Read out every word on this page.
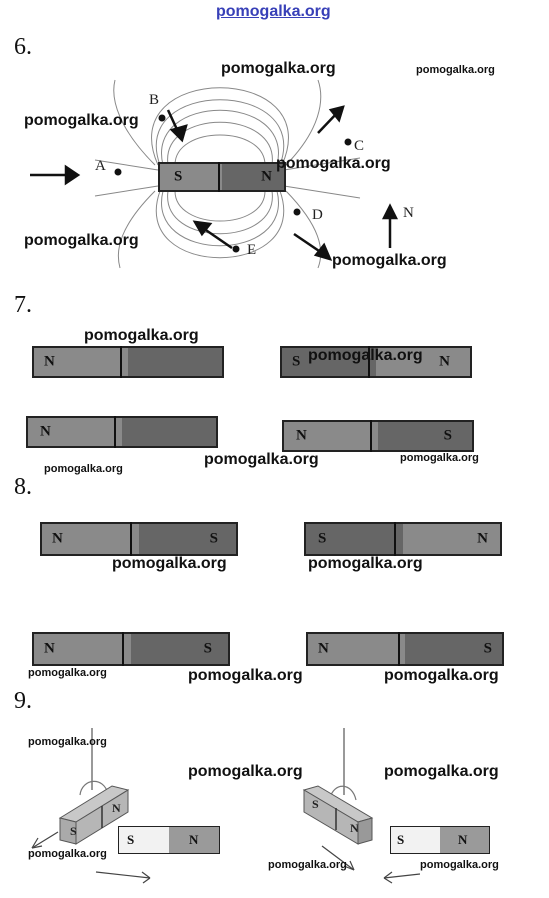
pomogalka.org
6.
A
B
C
D
E
N
S	N
pomogalka.org	pomogalka.org
pomogalka.org
pomogalka.org
pomogalka.org
pomogalka.org
7.
N	S	N
N	N	S
pomogalka.org
pomogalka.org
pomogalka.org
pomogalka.org	pomogalka.org
8.
N	S	S	N
N	S	N	S
pomogalka.org	pomogalka.org
pomogalka.org	pomogalka.org	pomogalka.org
9.
S
N	S
N
S	N	S	N
pomogalka.org
pomogalka.org	pomogalka.org
pomogalka.org
pomogalka.org	pomogalka.org
